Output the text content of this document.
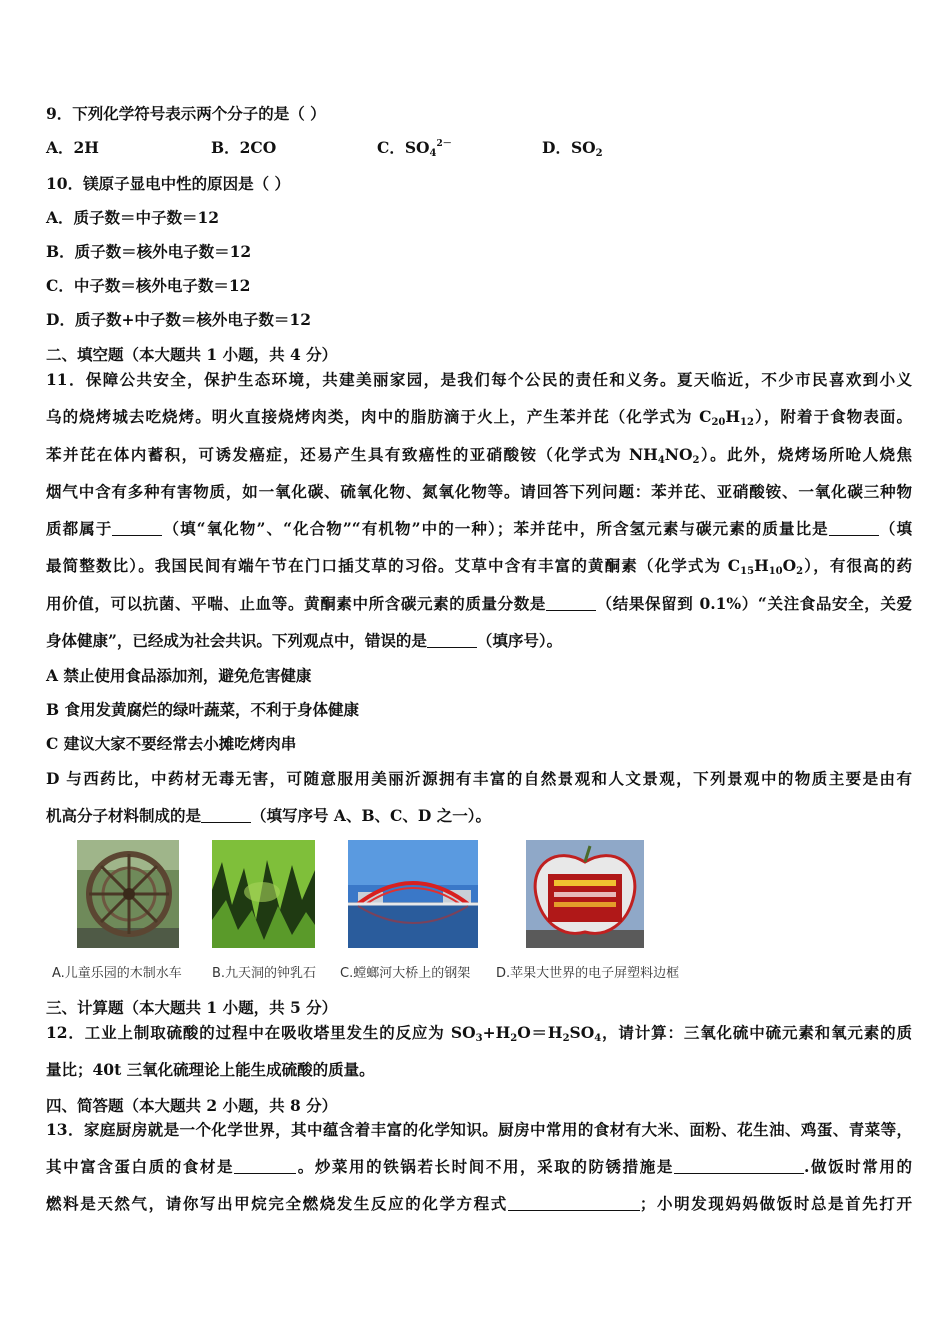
9．下列化学符号表示两个分子的是（ ）
A．2H	B．2CO	C．$SO_4^{2-}$	D．$SO_2$
10．镁原子显电中性的原因是（ ）
A．质子数＝中子数＝12
B．质子数＝核外电子数＝12
C．中子数＝核外电子数＝12
D．质子数+中子数＝核外电子数＝12
二、填空题（本大题共 1 小题，共 4 分）
11．保障公共安全，保护生态环境，共建美丽家园，是我们每个公民的责任和义务。夏天临近，不少市民喜欢到小义
乌的烧烤城去吃烧烤。明火直接烧烤肉类，肉中的脂肪滴于火上，产生苯并芘（化学式为 $C_{20}H_{12}$），附着于食物表面。
苯并芘在体内蓄积，可诱发癌症，还易产生具有致癌性的亚硝酸铵（化学式为 $NH_4NO_2$）。此外，烧烤场所呛人烧焦
烟气中含有多种有害物质，如一氧化碳、硫氧化物、氮氧化物等。请回答下列问题：苯并芘、亚硝酸铵、一氧化碳三种物
质都属于	（填“氧化物”、“化合物”“有机物”中的一种）；苯并芘中，所含氢元素与碳元素的质量比是	（填
最简整数比）。我国民间有端午节在门口插艾草的习俗。艾草中含有丰富的黄酮素（化学式为 $C_{15}H_{10}O_2$），有很高的药
用价值，可以抗菌、平喘、止血等。黄酮素中所含碳元素的质量分数是	（结果保留到 0.1%）“关注食品安全，关爱
身体健康”，已经成为社会共识。下列观点中，错误的是	（填序号）。
A 禁止使用食品添加剂，避免危害健康
B 食用发黄腐烂的绿叶蔬菜，不利于身体健康
C 建议大家不要经常去小摊吃烤肉串
D 与西药比，中药材无毒无害，可随意服用美丽沂源拥有丰富的自然景观和人文景观，下列景观中的物质主要是由有
机高分子材料制成的是	（填写序号 A、B、C、D 之一）。
A.儿童乐园的木制水车 B.九天洞的钟乳石 C.螳螂河大桥上的钢架 D.苹果大世界的电子屏塑料边框
三、计算题（本大题共 1 小题，共 5 分）
12．工业上制取硫酸的过程中在吸收塔里发生的反应为 $SO_3+H_2O=H_2SO_4$，请计算：三氧化硫中硫元素和氧元素的质
量比；40t 三氧化硫理论上能生成硫酸的质量。
四、简答题（本大题共 2 小题，共 8 分）
13．家庭厨房就是一个化学世界，其中蕴含着丰富的化学知识。厨房中常用的食材有大米、面粉、花生油、鸡蛋、青菜等，
其中富含蛋白质的食材是	。炒菜用的铁锅若长时间不用，采取的防锈措施是	.做饭时常用的
燃料是天然气，请你写出甲烷完全燃烧发生反应的化学方程式	；小明发现妈妈做饭时总是首先打开
